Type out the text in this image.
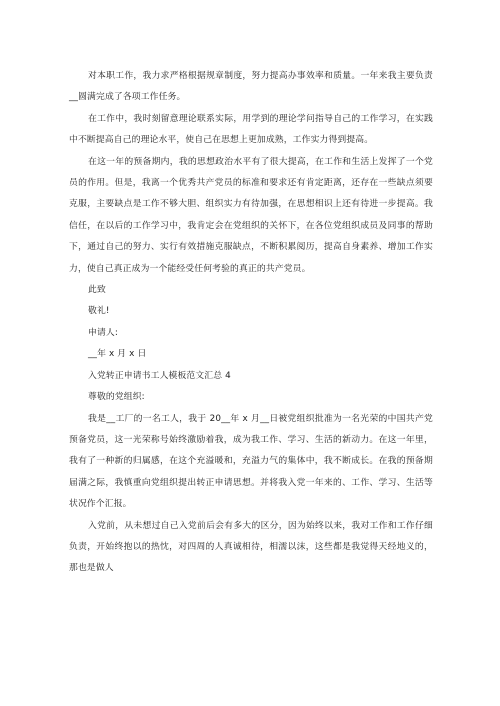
对本职工作，我力求严格根据规章制度，努力提高办事效率和质量。一年来我主要负责__圆满完成了各项工作任务。

在工作中，我时刻留意理论联系实际，用学到的理论学问指导自己的工作学习，在实践中不断提高自己的理论水平，使自己在思想上更加成熟，工作实力得到提高。

在这一年的预备期内，我的思想政治水平有了很大提高，在工作和生活上发挥了一个党员的作用。但是，我离一个优秀共产党员的标准和要求还有肯定距离，还存在一些缺点须要克服，主要缺点是工作不够大胆、组织实力有待加强，在思想相识上还有待进一步提高。我信任，在以后的工作学习中，我肯定会在党组织的关怀下，在各位党组织成员及同事的帮助下，通过自己的努力、实行有效措施克服缺点，不断积累阅历，提高自身素养、增加工作实力，使自己真正成为一个能经受任何考验的真正的共产党员。

此致

敬礼!

申请人:

__年 x 月 x 日

入党转正申请书工人模板范文汇总 4

尊敬的党组织:

我是__工厂的一名工人，我于 20__年 x 月__日被党组织批准为一名光荣的中国共产党预备党员，这一光荣称号始终激励着我，成为我工作、学习、生活的新动力。在这一年里，我有了一种新的归属感，在这个充溢暖和，充溢力气的集体中，我不断成长。在我的预备期届满之际，我慎重向党组织提出转正申请思想。并将我入党一年来的、工作、学习、生活等状况作个汇报。

入党前，从未想过自己入党前后会有多大的区分，因为始终以来，我对工作和工作仔细负责，开始终抱以的热忱，对四周的人真诚相待，相濡以沫，这些都是我觉得天经地义的，那也是做人
